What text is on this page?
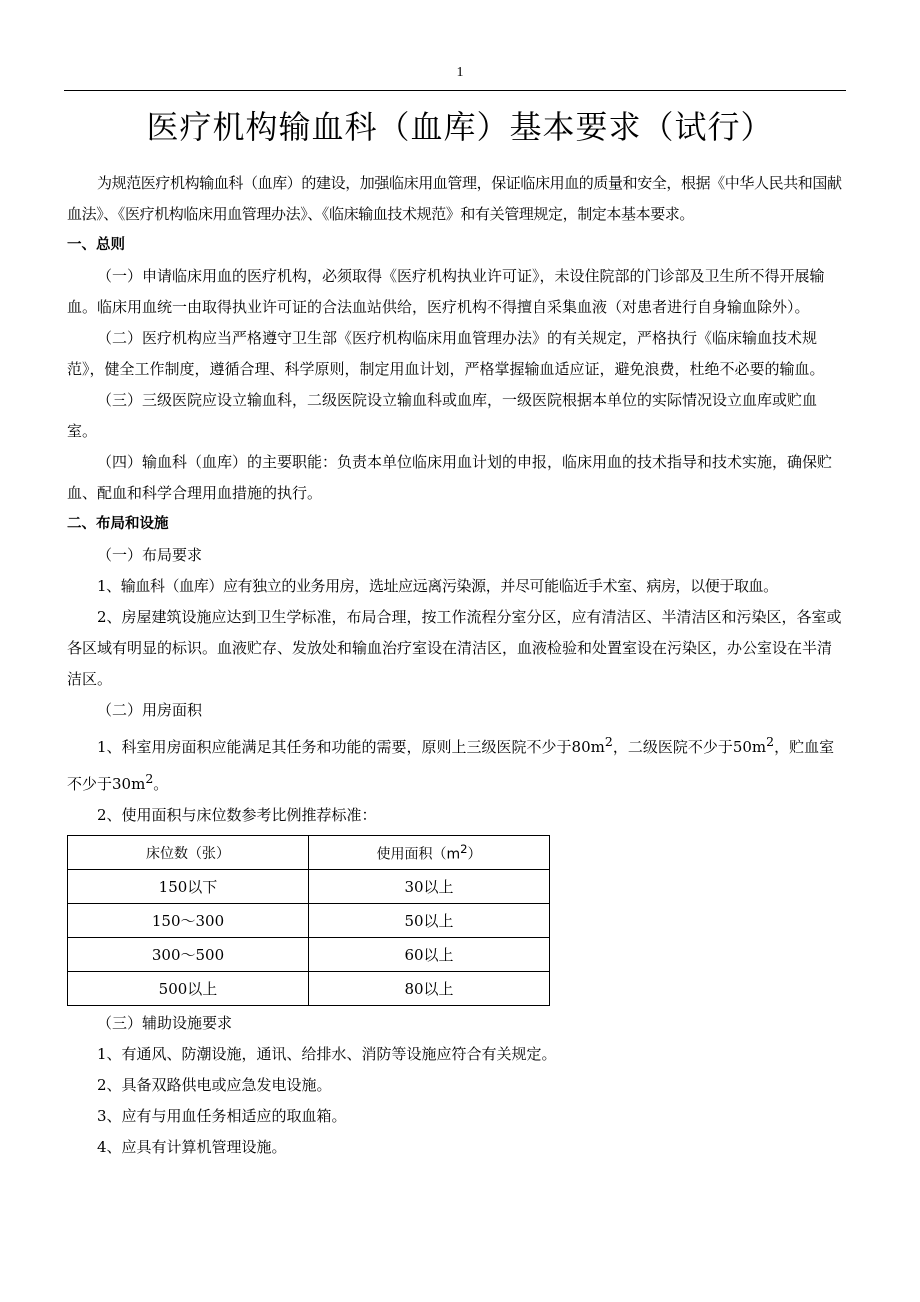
1
医疗机构输血科（血库）基本要求（试行）

为规范医疗机构输血科（血库）的建设，加强临床用血管理，保证临床用血的质量和安全，根据《中华人民共和国献血法》、《医疗机构临床用血管理办法》、《临床输血技术规范》和有关管理规定，制定本基本要求。

一、总则

（一）申请临床用血的医疗机构，必须取得《医疗机构执业许可证》，未设住院部的门诊部及卫生所不得开展输血。临床用血统一由取得执业许可证的合法血站供给，医疗机构不得擅自采集血液（对患者进行自身输血除外）。

（二）医疗机构应当严格遵守卫生部《医疗机构临床用血管理办法》的有关规定，严格执行《临床输血技术规范》，健全工作制度，遵循合理、科学原则，制定用血计划，严格掌握输血适应证，避免浪费，杜绝不必要的输血。

（三）三级医院应设立输血科，二级医院设立输血科或血库，一级医院根据本单位的实际情况设立血库或贮血室。

（四）输血科（血库）的主要职能：负责本单位临床用血计划的申报，临床用血的技术指导和技术实施，确保贮血、配血和科学合理用血措施的执行。

二、布局和设施

（一）布局要求

1、输血科（血库）应有独立的业务用房，选址应远离污染源，并尽可能临近手术室、病房，以便于取血。

2、房屋建筑设施应达到卫生学标准，布局合理，按工作流程分室分区，应有清洁区、半清洁区和污染区，各室或各区域有明显的标识。血液贮存、发放处和输血治疗室设在清洁区，血液检验和处置室设在污染区，办公室设在半清洁区。

（二）用房面积

1、科室用房面积应能满足其任务和功能的需要，原则上三级医院不少于$80m^2$，二级医院不少于$50m^2$，贮血室不少于$30m^2$。

2、使用面积与床位数参考比例推荐标准：

床位数（张）	使用面积$(m^2)$
150以下	30以上
150～300	50以上
300～500	60以上
500以上	80以上

（三）辅助设施要求

1、有通风、防潮设施，通讯、给排水、消防等设施应符合有关规定。

2、具备双路供电或应急发电设施。

3、应有与用血任务相适应的取血箱。

4、应具有计算机管理设施。
